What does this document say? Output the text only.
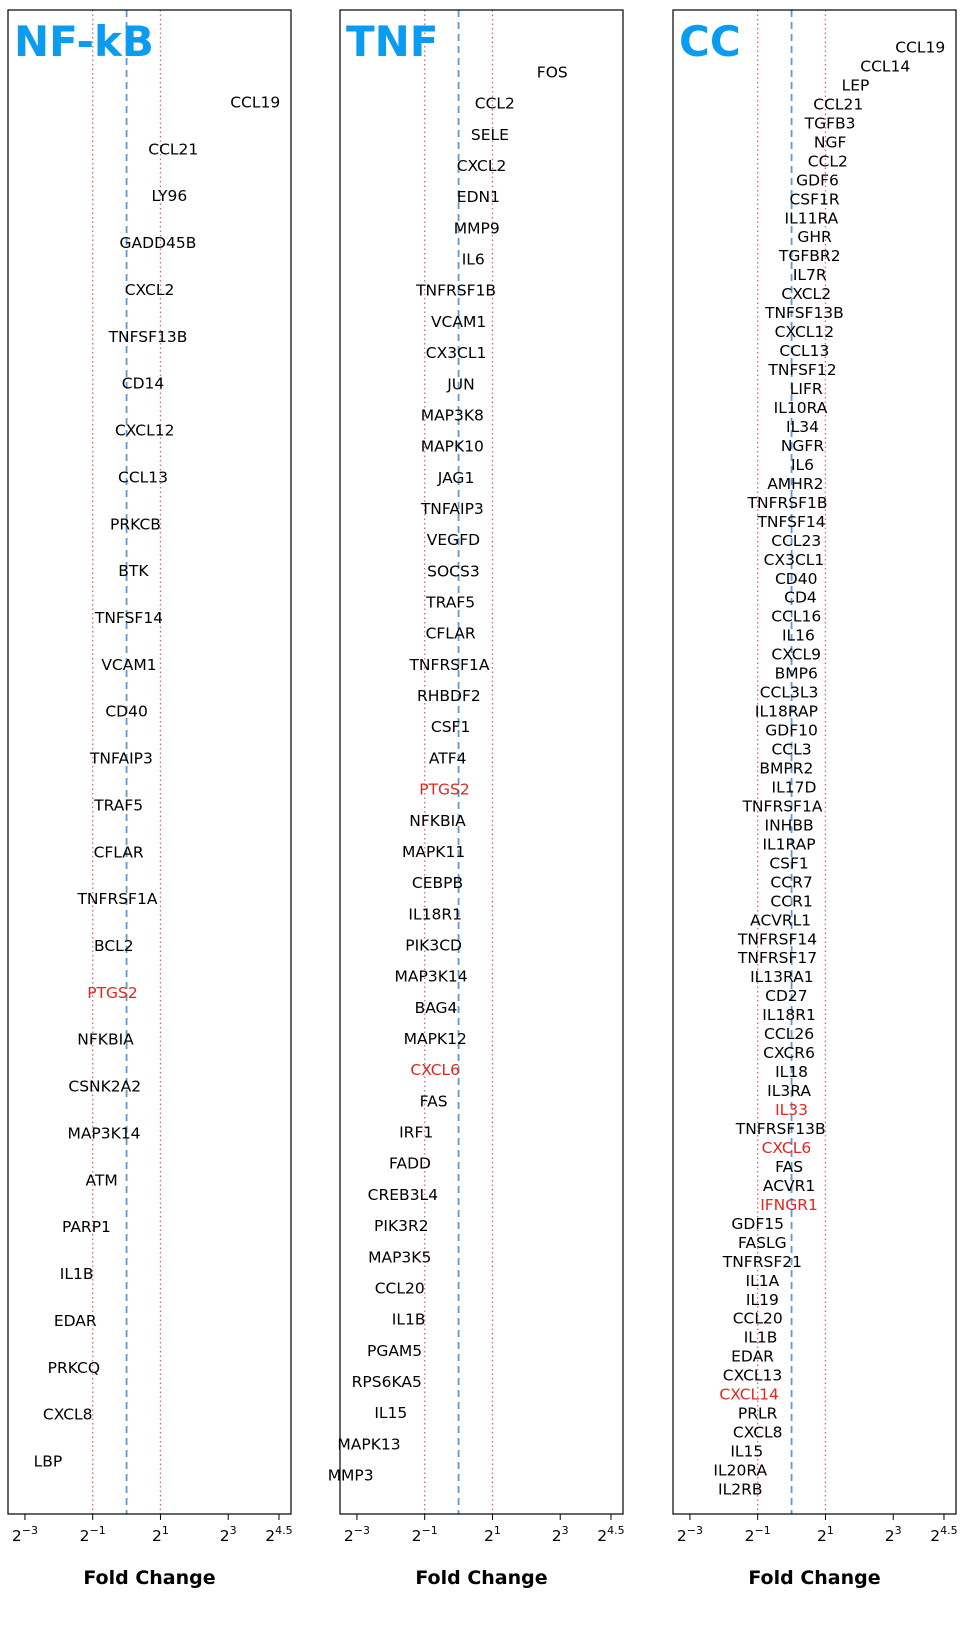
NF-kB
CCL19
CCL21
LY96
GADD45B
CXCL2
TNFSF13B
CD14
CXCL12
CCL13
PRKCB
BTK
TNFSF14
VCAM1
CD40
TNFAIP3
TRAF5
CFLAR
TNFRSF1A
BCL2
PTGS2
NFKBIA
CSNK2A2
MAP3K14
ATM
PARP1
IL1B
EDAR
PRKCQ
CXCL8
LBP
$2^{-3}$	$2^{-1}$	$2^1$	$2^3$ $2^{4.5}$
Fold Change
TNF
FOS
CCL2
SELE
CXCL2
EDN1
MMP9
IL6
TNFRSF1B
VCAM1
CX3CL1
JUN
MAP3K8
MAPK10
JAG1
TNFAIP3
VEGFD
SOCS3
TRAF5
CFLAR
TNFRSF1A
RHBDF2
CSF1
ATF4
PTGS2
NFKBIA
MAPK11
CEBPB
IL18R1
PIK3CD
MAP3K14
BAG4
MAPK12
CXCL6
FAS
IRF1
FADD
CREB3L4
PIK3R2
MAP3K5
CCL20
IL1B
PGAM5
RPS6KA5
IL15
MAPK13
MMP3
$2^{-3}$	$2^{-1}$	$2^1$	$2^3$ $2^{4.5}$
Fold Change
CC	CCL19
CCL14
LEP
CCL21
TGFB3
NGF
CCL2
GDF6
CSF1R
IL11RA
GHR
TGFBR2
IL7R
CXCL2
TNFSF13B
CXCL12
CCL13
TNFSF12
LIFR
IL10RA
IL34
NGFR
IL6
AMHR2
TNFRSF1B
TNFSF14
CCL23
CX3CL1
CD40
CD4
CCL16
IL16
CXCL9
BMP6
CCL3L3
IL18RAP
GDF10
CCL3
BMPR2
IL17D
TNFRSF1A
INHBB
IL1RAP
CSF1
CCR7
CCR1
ACVRL1
TNFRSF14
TNFRSF17
IL13RA1
CD27
IL18R1
CCL26
CXCR6
IL18
IL3RA
IL33
TNFRSF13B
CXCL6
FAS
ACVR1
IFNGR1
GDF15
FASLG
TNFRSF21
IL1A
IL19
CCL20
IL1B
EDAR
CXCL13
CXCL14
PRLR
CXCL8
IL15
IL20RA
IL2RB
$2^{-3}$	$2^{-1}$	$2^1$	$2^3$ $2^{4.5}$
Fold Change
